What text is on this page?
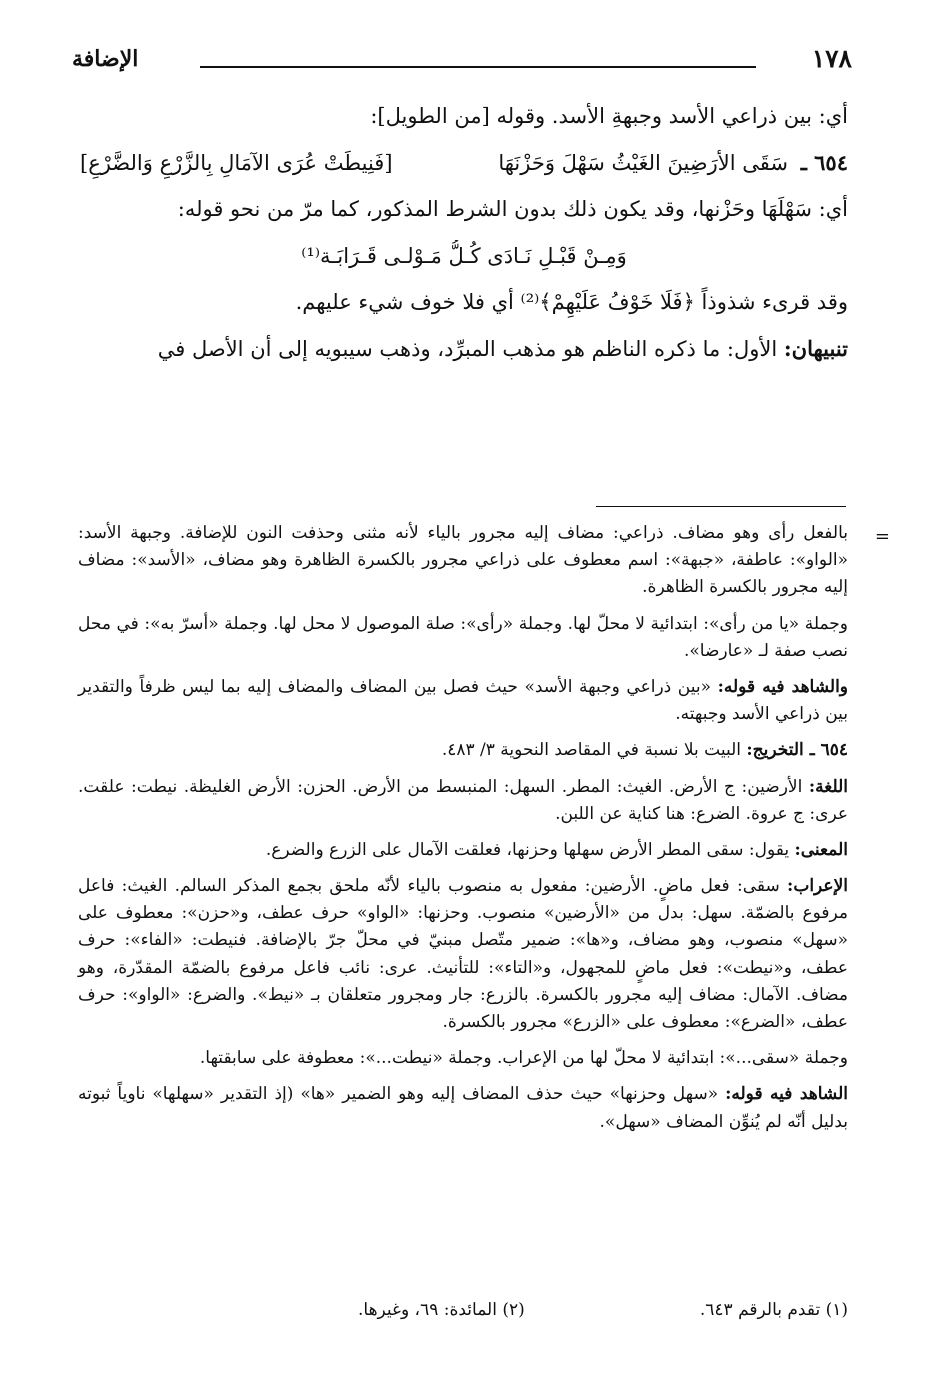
١٧٨
الإضافة

أي: بين ذراعي الأسد وجبهةِ الأسد. وقوله [من الطويل]:

٦٥٤ ـ سَقَى الأرَضِينَ الغَيْثُ سَهْلَ وَحَزْنَهَا
[فَنِيطَتْ عُرَى الآمَالِ بِالزَّرْعِ وَالضَّرْعِ]

أي: سَهْلَهَا وحَزْنها، وقد يكون ذلك بدون الشرط المذكور، كما مرّ من نحو قوله:

وَمِـنْ قَبْـلِ نَـادَى كُـلُّ مَـوْلـى قَـرَابَـة⁽¹⁾

وقد قرىء شذوذاً ﴿فَلَا خَوْفُ عَلَيْهِمْ﴾⁽²⁾ أي فلا خوف شيء عليهم.

تنبيهان: الأول: ما ذكره الناظم هو مذهب المبرِّد، وذهب سيبويه إلى أن الأصل في

=

بالفعل رأى وهو مضاف. ذراعي: مضاف إليه مجرور بالياء لأنه مثنى وحذفت النون للإضافة. وجبهة الأسد: «الواو»: عاطفة، «جبهة»: اسم معطوف على ذراعي مجرور بالكسرة الظاهرة وهو مضاف، «الأسد»: مضاف إليه مجرور بالكسرة الظاهرة.

وجملة «يا من رأى»: ابتدائية لا محلّ لها. وجملة «رأى»: صلة الموصول لا محل لها. وجملة «أسرّ به»: في محل نصب صفة لـ «عارضا».

والشاهد فيه قوله: «بين ذراعي وجبهة الأسد» حيث فصل بين المضاف والمضاف إليه بما ليس ظرفاً والتقدير بين ذراعي الأسد وجبهته.

٦٥٤ ـ التخريج: البيت بلا نسبة في المقاصد النحوية ٣/ ٤٨٣.

اللغة: الأرضين: ج الأرض. الغيث: المطر. السهل: المنبسط من الأرض. الحزن: الأرض الغليظة. نيطت: علقت. عرى: ج عروة. الضرع: هنا كناية عن اللبن.

المعنى: يقول: سقى المطر الأرض سهلها وحزنها، فعلقت الآمال على الزرع والضرع.

الإعراب: سقى: فعل ماضٍ. الأرضين: مفعول به منصوب بالياء لأنّه ملحق بجمع المذكر السالم. الغيث: فاعل مرفوع بالضمّة. سهل: بدل من «الأرضين» منصوب. وحزنها: «الواو» حرف عطف، و«حزن»: معطوف على «سهل» منصوب، وهو مضاف، و«ها»: ضمير متّصل مبنيّ في محلّ جرّ بالإضافة. فنيطت: «الفاء»: حرف عطف، و«نيطت»: فعل ماضٍ للمجهول، و«التاء»: للتأنيث. عرى: نائب فاعل مرفوع بالضمّة المقدّرة، وهو مضاف. الآمال: مضاف إليه مجرور بالكسرة. بالزرع: جار ومجرور متعلقان بـ «نيط». والضرع: «الواو»: حرف عطف، «الضرع»: معطوف على «الزرع» مجرور بالكسرة.

وجملة «سقى...»: ابتدائية لا محلّ لها من الإعراب. وجملة «نيطت...»: معطوفة على سابقتها.

الشاهد فيه قوله: «سهل وحزنها» حيث حذف المضاف إليه وهو الضمير «ها» (إذ التقدير «سهلها» ناوياً ثبوته بدليل أنّه لم يُنوِّن المضاف «سهل».

(١) تقدم بالرقم ٦٤٣.
(٢) المائدة: ٦٩، وغيرها.
